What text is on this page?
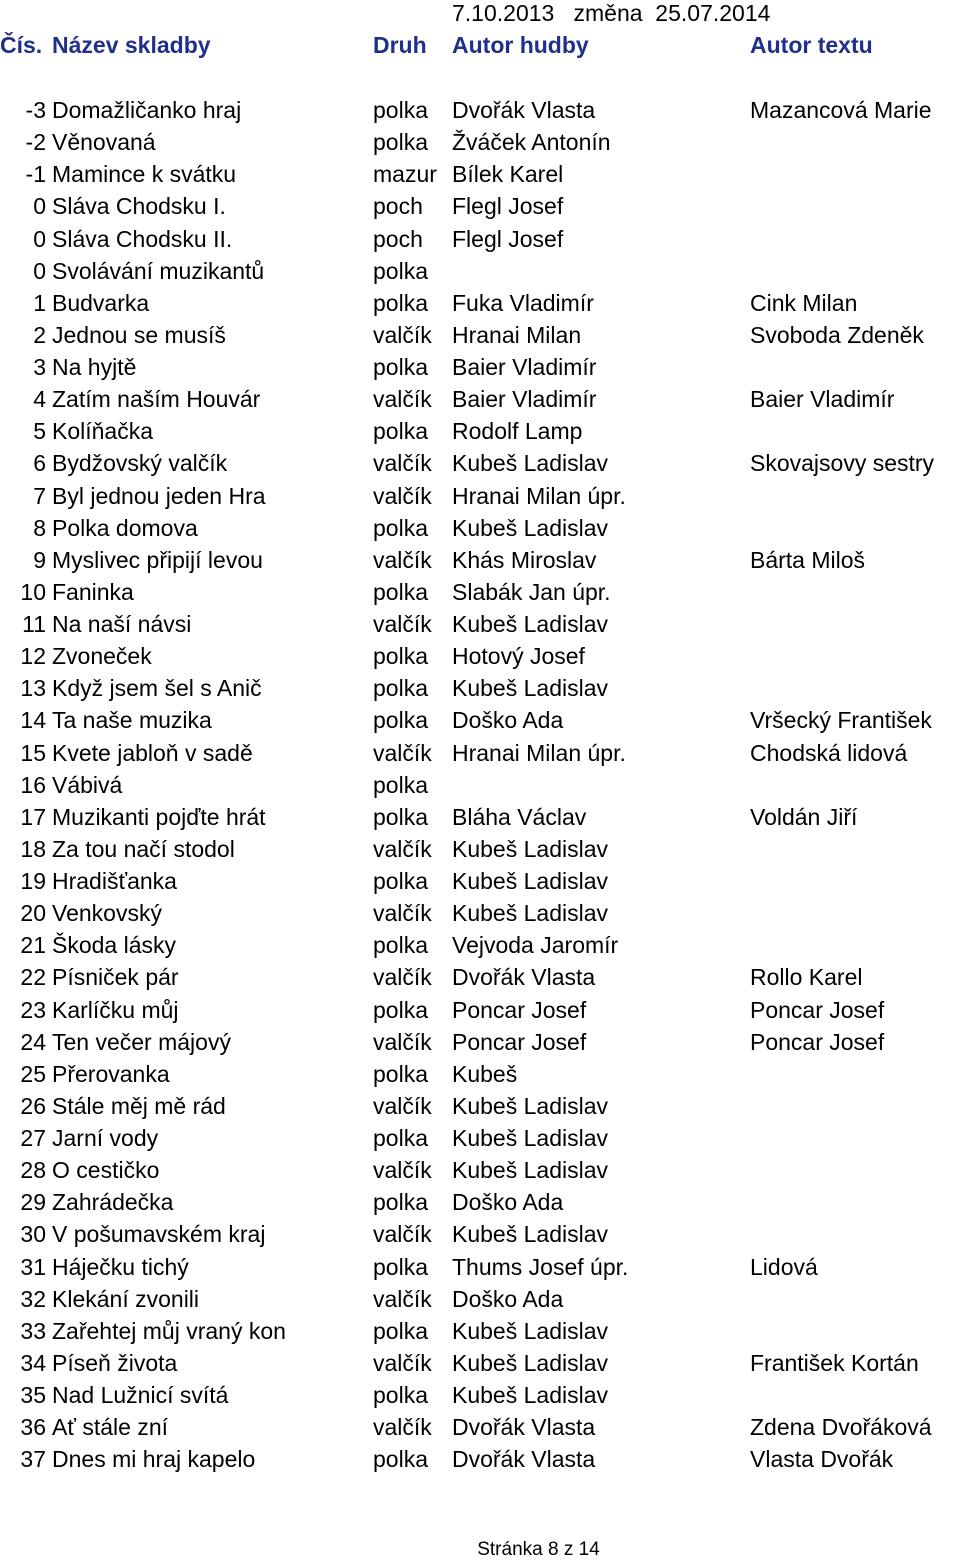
7.10.2013   změna  25.07.2014
Čís. Název skladby	Druh Autor hudby	Autor textu
-3 Domažličanko hraj	polka Dvořák Vlasta	Mazancová Marie
-2 Věnovaná	polka Žváček Antonín
-1 Mamince k svátku	mazur Bílek Karel
0 Sláva Chodsku I.	poch Flegl Josef
0 Sláva Chodsku II.	poch Flegl Josef
0 Svolávání muzikantů	polka
1 Budvarka	polka Fuka Vladimír	Cink Milan
2 Jednou se musíš	valčík Hranai Milan	Svoboda Zdeněk
3 Na hyjtě	polka Baier Vladimír
4 Zatím naším Houvár	valčík Baier Vladimír	Baier Vladimír
5 Kolíňačka	polka Rodolf Lamp
6 Bydžovský valčík	valčík Kubeš Ladislav	Skovajsovy sestry
7 Byl jednou jeden Hra	valčík Hranai Milan úpr.
8 Polka domova	polka Kubeš Ladislav
9 Myslivec připijí levou	valčík Khás Miroslav	Bárta Miloš
10 Faninka	polka Slabák Jan úpr.
11 Na naší návsi	valčík Kubeš Ladislav
12 Zvoneček	polka Hotový Josef
13 Když jsem šel s Anič	polka Kubeš Ladislav
14 Ta naše muzika	polka Doško Ada	Vršecký František
15 Kvete jabloň v sadě	valčík Hranai Milan úpr.	Chodská lidová
16 Vábivá	polka
17 Muzikanti pojďte hrát	polka Bláha Václav	Voldán Jiří
18 Za tou načí stodol	valčík Kubeš Ladislav
19 Hradišťanka	polka Kubeš Ladislav
20 Venkovský	valčík Kubeš Ladislav
21 Škoda lásky	polka Vejvoda Jaromír
22 Písniček pár	valčík Dvořák Vlasta	Rollo Karel
23 Karlíčku můj	polka Poncar Josef	Poncar Josef
24 Ten večer májový	valčík Poncar Josef	Poncar Josef
25 Přerovanka	polka Kubeš
26 Stále měj mě rád	valčík Kubeš Ladislav
27 Jarní vody	polka Kubeš Ladislav
28 O cestičko	valčík Kubeš Ladislav
29 Zahrádečka	polka Doško Ada
30 V pošumavském kraj	valčík Kubeš Ladislav
31 Háječku tichý	polka Thums Josef úpr.	Lidová
32 Klekání zvonili	valčík Doško Ada
33 Zařehtej můj vraný kon	polka Kubeš Ladislav
34 Píseň života	valčík Kubeš Ladislav	František Kortán
35 Nad Lužnicí svítá	polka Kubeš Ladislav
36 Ať stále zní	valčík Dvořák Vlasta	Zdena Dvořáková
37 Dnes mi hraj kapelo	polka Dvořák Vlasta	Vlasta Dvořák
Stránka 8 z 14
